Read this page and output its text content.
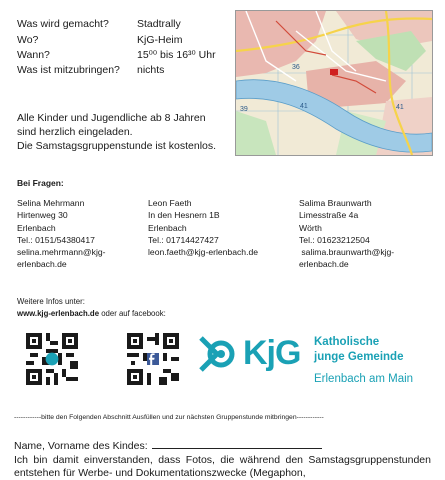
Was wird gemacht?	Stadtrally
Wo?	KjG-Heim
Wann?	15⁰⁰ bis 16³⁰ Uhr
Was ist mitzubringen? nichts
Alle Kinder und Jugendliche ab 8 Jahren
sind herzlich eingeladen.
Die Samstagsgruppenstunde ist kostenlos.
39
36
41	41
Bei Fragen:
Selina Mehrmann
Hirtenweg 30
Erlenbach
Tel.: 0151/54380417
selina.mehrmann@kjg-
erlenbach.de
Leon Faeth
In den Hesnern 1B
Erlenbach
Tel.: 01714427427
leon.faeth@kjg-erlenbach.de
Salima Braunwarth
Limesstraße 4a
Wörth
Tel.: 01623212504
salima.braunwarth@kjg-
erlenbach.de
Weitere Infos unter:
www.kjg-erlenbach.de oder auf facebook:
KjG Katholische
junge Gemeinde
Erlenbach am Main
------------bitte den Folgenden Abschnitt Ausfüllen und zur nächsten Gruppenstunde mitbringen------------
Name, Vorname des Kindes:
Ich bin damit einverstanden, dass Fotos, die während den Samstagsgruppenstunden entstehen für Werbe- und Dokumentationszwecke (Megaphon,
